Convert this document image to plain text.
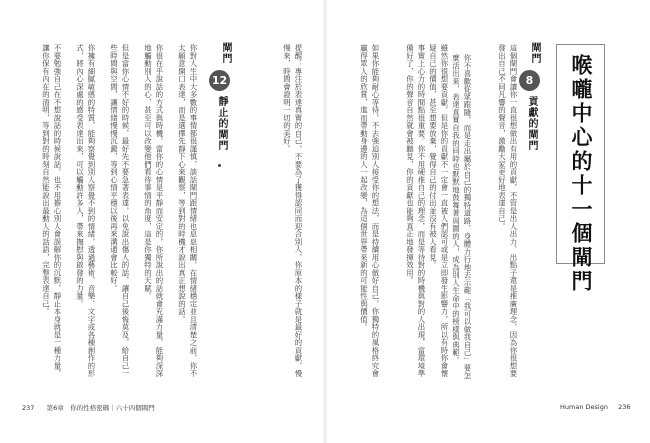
喉嚨中心的十一個閘門
閘門
8
貢獻的閘門
這個閘門會讓你一直很想做出有用的貢獻，不管是出人出力、出點子還是推廣理念，因為你很想要發出自己不同凡響的聲音，激勵大家更好地表達自己。
你不喜歡從眾跟隨，而是走出屬於自己的獨特道路，身體力行地去示範「我可以做我自己」要怎麼活出來，表達真實自我的同時也默默地鼓舞著周圍的人，成為別人生命中的榜樣與典範。
雖然你很想要貢獻，但是你的貢獻不一定會一直被人們認可或是立即發生影響力，所以有時你會懷疑自己的價值，甚至想要放棄，覺得自己的付出並沒有被人看見。
事實上心力的時間點很重要。你不用硬推自己的理念，而是等待對的時機與對的人出現，當環境準備好了，你的聲音自然就會被聽見，你的貢獻也能夠真正地發揮效用。
如果你能夠耐心等待，不去強迫別人接受你的想法，而是持續用心做好自己，你獨特的風格終究會贏得眾人的欣賞，進而帶動身邊的人一起改變，為這個世界帶來新的可能性與價值。
提醒：專注於表達真實的自己，不要為了獲得認同而迎合別人，你原本的樣子就是最好的貢獻，慢慢來，時間會證明一切的美好。
閘門
12
靜止的閘門
你對人生中大多數的事情都很謹慎，談話閘門跟情緒也息息相關，在情緒穩定並且清楚之前，你不太願意開口表達，而是選擇先靜下心來觀察，等到對的時機才說出真正想說的話。
你很在乎說話的方式與時機，當你的心情是平靜而安定的，你所說出的話就會充滿力量，能夠深深地觸動別人的心，甚至可以改變他們看待事情的角度，這是你獨特的天賦。
但是當你心情不好的時候，最好先不要急著表達，以免說出傷人的話，讓自己後悔莫及。給自己一些時間與空間，讓情緒慢慢沉澱，等到心情平穩以後再來溝通會比較好。
你擁有細膩敏感的特質，能夠察覺到別人察覺不到的情緒，透過藝術、音樂、文字或各種創作的形式，將內心深處的感受表達出來，可以觸動許多人，帶來撫慰與啟發的力量。
不要勉強自己在不想說話的時候說話，也不用擔心別人會誤解你的沉默，靜止本身就是一種力量，讓你保有內在的清明，等到對的時刻自然能說出最動人的話語，完整表達自己。
237 第6章　你的性格密碼｜六十四個閘門	Human Design 236
